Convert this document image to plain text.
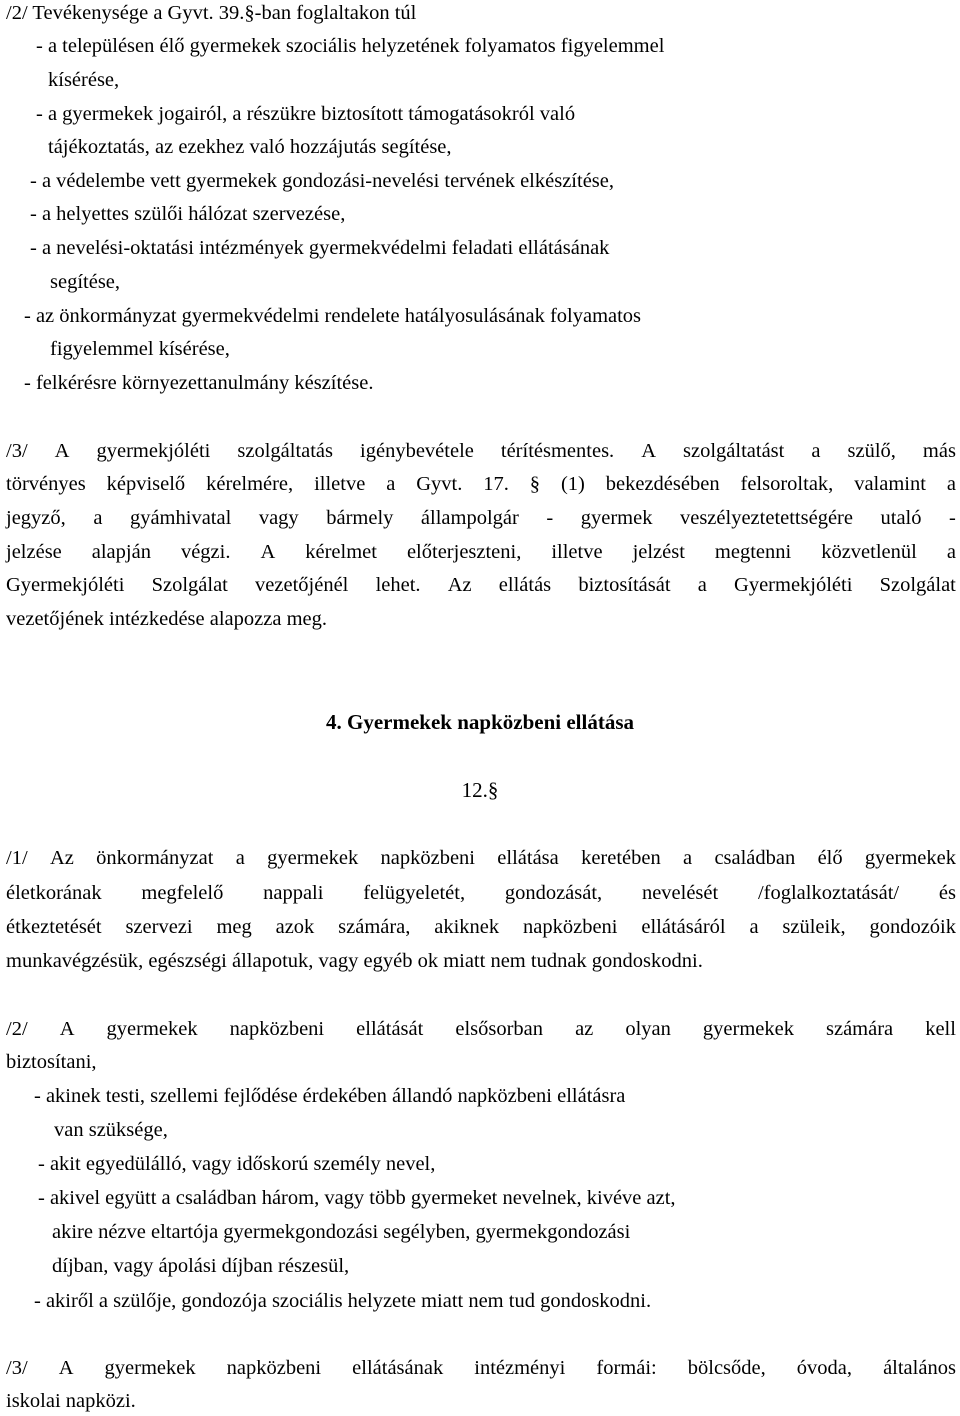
/2/ Tevékenysége a Gyvt. 39.§-ban foglaltakon túl

- a településen élő gyermekek szociális helyzetének folyamatos figyelemmel

kísérése,

- a gyermekek jogairól, a részükre biztosított támogatásokról való

tájékoztatás, az ezekhez való hozzájutás segítése,

- a védelembe vett gyermekek gondozási-nevelési tervének elkészítése,

- a helyettes szülői hálózat szervezése,

- a nevelési-oktatási intézmények gyermekvédelmi feladati ellátásának

segítése,

- az önkormányzat gyermekvédelmi rendelete hatályosulásának folyamatos

figyelemmel kísérése,

- felkérésre környezettanulmány készítése.

/3/ A gyermekjóléti szolgáltatás igénybevétele térítésmentes. A szolgáltatást a szülő, más
törvényes képviselő kérelmére, illetve a Gyvt. 17. § (1) bekezdésében felsoroltak, valamint a
jegyző, a gyámhivatal vagy bármely állampolgár - gyermek veszélyeztetettségére utaló -
jelzése alapján végzi. A kérelmet előterjeszteni, illetve jelzést megtenni közvetlenül a
Gyermekjóléti Szolgálat vezetőjénél lehet. Az ellátás biztosítását a Gyermekjóléti Szolgálat

vezetőjének intézkedése alapozza meg.

4. Gyermekek napközbeni ellátása
12.§
/1/ Az önkormányzat a gyermekek napközbeni ellátása keretében a családban élő gyermekek
életkorának megfelelő nappali felügyeletét, gondozását, nevelését /foglalkoztatását/ és
étkeztetését szervezi meg azok számára, akiknek napközbeni ellátásáról a szüleik, gondozóik

munkavégzésük, egészségi állapotuk, vagy egyéb ok miatt nem tudnak gondoskodni.

/2/ A gyermekek napközbeni ellátását elsősorban az olyan gyermekek számára kell

biztosítani,

- akinek testi, szellemi fejlődése érdekében állandó napközbeni ellátásra

van szüksége,

- akit egyedülálló, vagy időskorú személy nevel,

- akivel együtt a családban három, vagy több gyermeket nevelnek, kivéve azt,

akire nézve eltartója gyermekgondozási segélyben, gyermekgondozási

díjban, vagy ápolási díjban részesül,

- akiről a szülője, gondozója szociális helyzete miatt nem tud gondoskodni.

/3/ A gyermekek napközbeni ellátásának intézményi formái: bölcsőde, óvoda, általános

iskolai napközi.
